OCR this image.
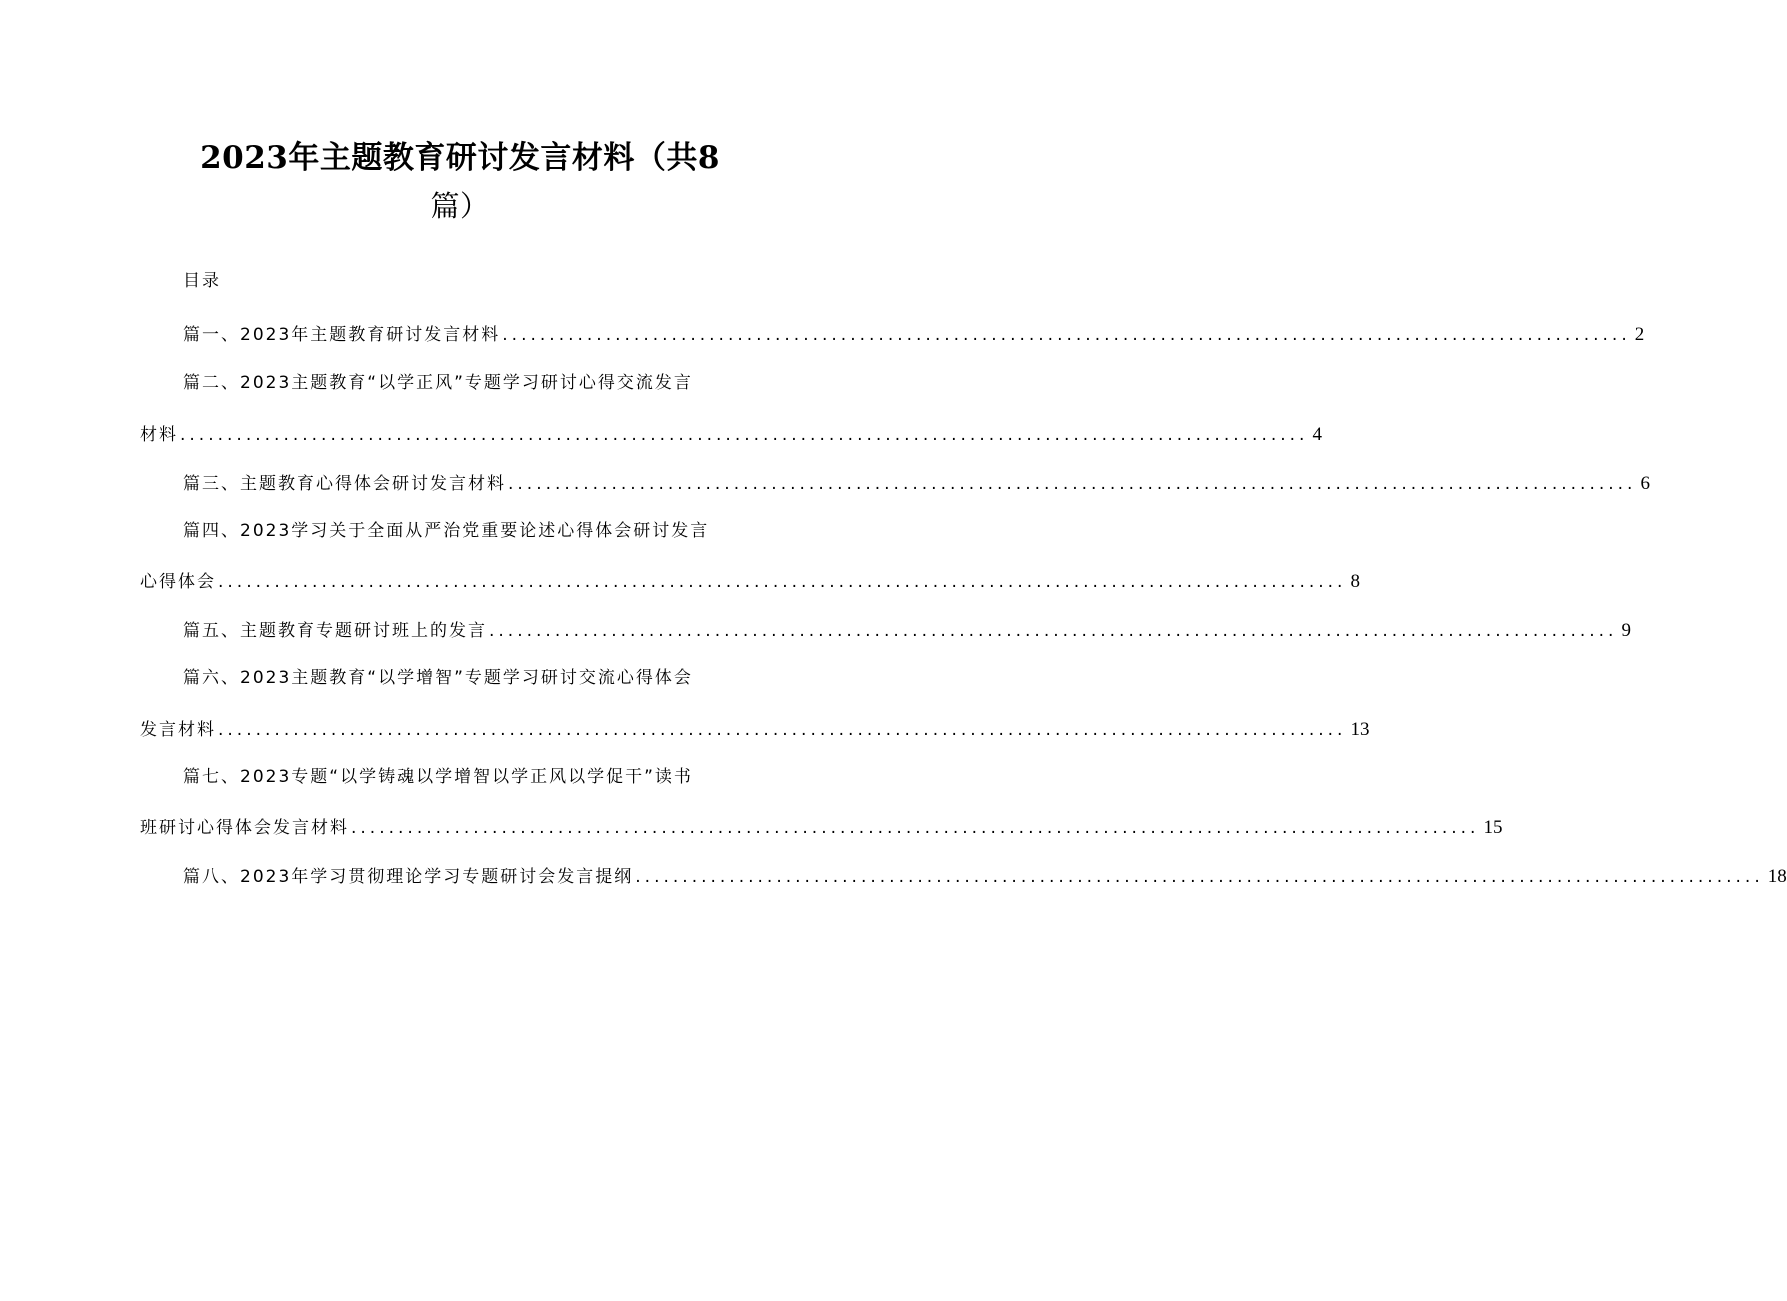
2023年主题教育研讨发言材料（共8
篇）
目录
篇一、2023年主题教育研讨发言材料 ........................................................................................................................ 2
篇二、2023主题教育“以学正风”专题学习研讨心得交流发言
材料 ........................................................................................................................ 4
篇三、主题教育心得体会研讨发言材料 ........................................................................................................................ 6
篇四、2023学习关于全面从严治党重要论述心得体会研讨发言
心得体会 ........................................................................................................................ 8
篇五、主题教育专题研讨班上的发言 ........................................................................................................................ 9
篇六、2023主题教育“以学增智”专题学习研讨交流心得体会
发言材料 ........................................................................................................................ 13
篇七、2023专题“以学铸魂以学增智以学正风以学促干”读书
班研讨心得体会发言材料 ........................................................................................................................ 15
篇八、2023年学习贯彻理论学习专题研讨会发言提纲 ........................................................................................................................ 18
